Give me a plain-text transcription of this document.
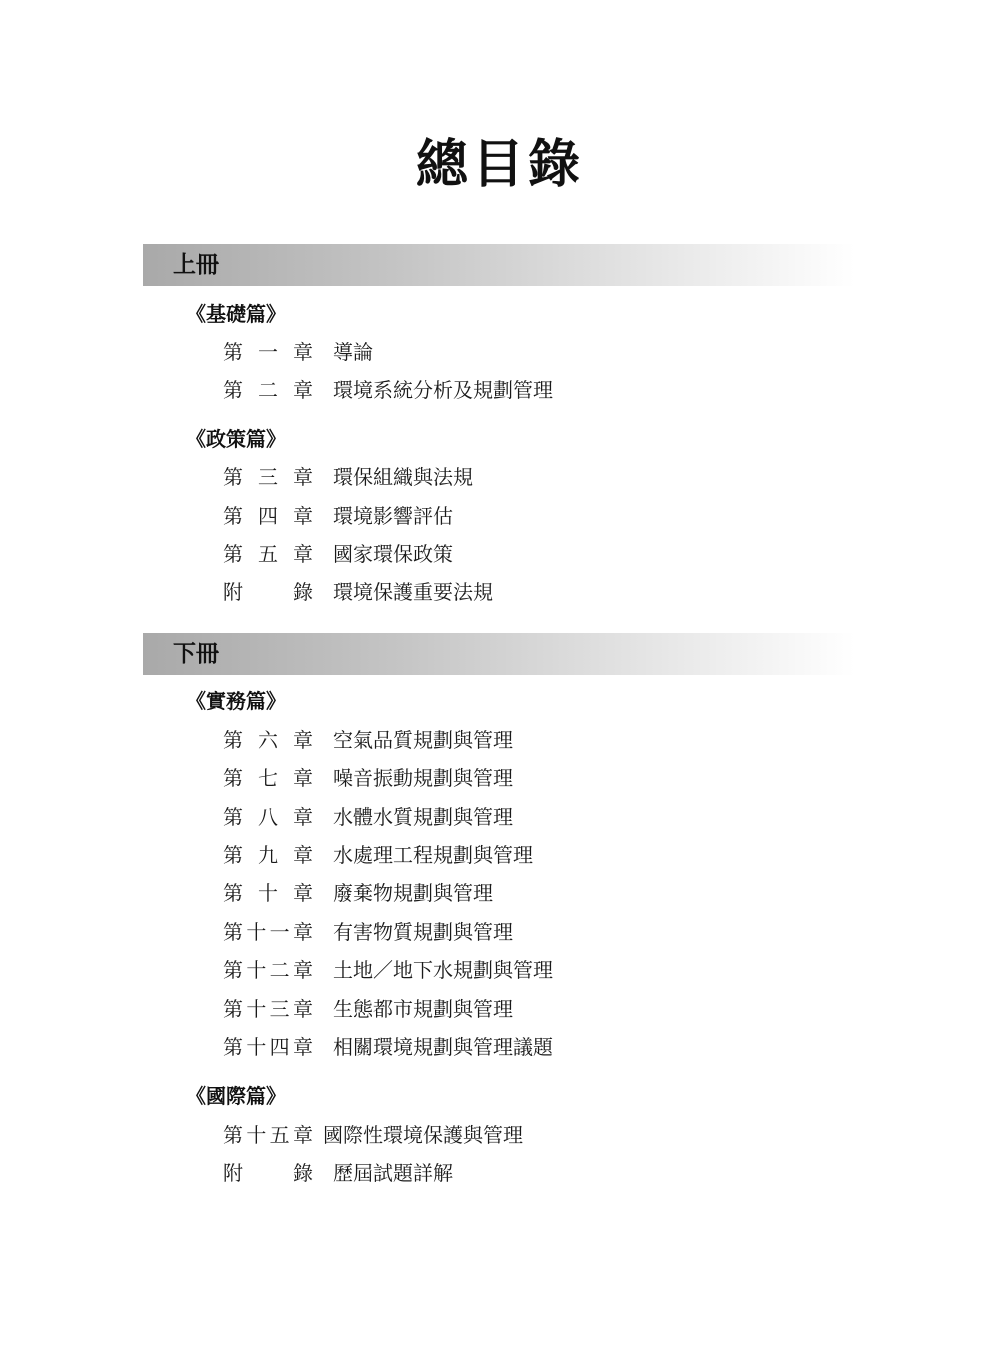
總目錄
上冊
《基礎篇》
第一章 導論
第二章 環境系統分析及規劃管理
《政策篇》
第三章 環保組織與法規
第四章 環境影響評估
第五章 國家環保政策
附錄 環境保護重要法規
下冊
《實務篇》
第六章 空氣品質規劃與管理
第七章 噪音振動規劃與管理
第八章 水體水質規劃與管理
第九章 水處理工程規劃與管理
第十章 廢棄物規劃與管理
第十一章 有害物質規劃與管理
第十二章 土地／地下水規劃與管理
第十三章 生態都市規劃與管理
第十四章 相關環境規劃與管理議題
《國際篇》
第十五章 國際性環境保護與管理
附錄 歷屆試題詳解
